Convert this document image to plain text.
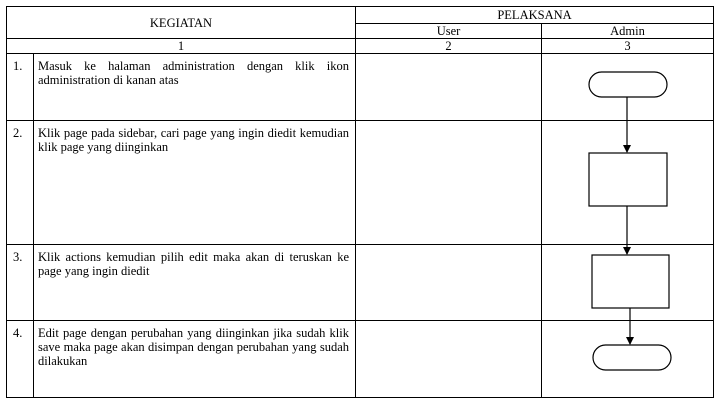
KEGIATAN		PELAKSANA	
		User	Admin
1		2	3
1.	Masuk ke halaman administration dengan klik ikon administration di kanan atas		
2.	Klik page pada sidebar, cari page yang ingin diedit kemudian klik page yang diinginkan		
3.	Klik actions kemudian pilih edit maka akan di teruskan ke page yang ingin diedit		
4.	Edit page dengan perubahan yang diinginkan jika sudah klik save maka page akan disimpan dengan perubahan yang sudah dilakukan		
